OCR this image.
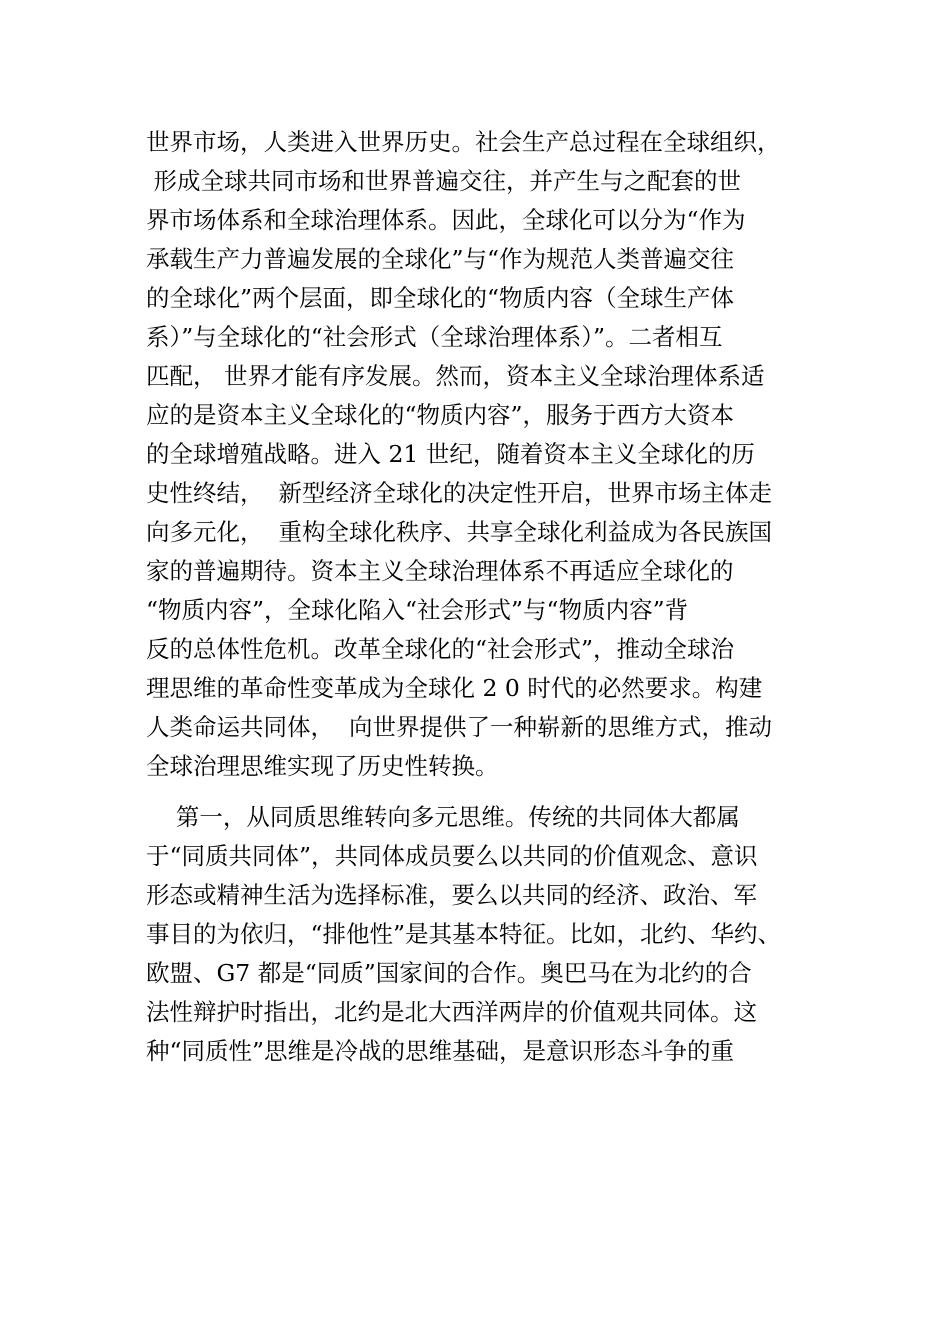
世界市场，人类进入世界历史。社会生产总过程在全球组织，
形成全球共同市场和世界普遍交往，并产生与之配套的世
界市场体系和全球治理体系。因此，全球化可以分为“作为
承载生产力普遍发展的全球化”与“作为规范人类普遍交往
的全球化”两个层面，即全球化的“物质内容（全球生产体
系）”与全球化的“社会形式（全球治理体系）”。二者相互
匹配， 世界才能有序发展。然而，资本主义全球治理体系适
应的是资本主义全球化的“物质内容”，服务于西方大资本
的全球增殖战略。进入 21 世纪，随着资本主义全球化的历
史性终结，  新型经济全球化的决定性开启，世界市场主体走
向多元化，  重构全球化秩序、共享全球化利益成为各民族国
家的普遍期待。资本主义全球治理体系不再适应全球化的
“物质内容”，全球化陷入“社会形式”与“物质内容”背
反的总体性危机。改革全球化的“社会形式”，推动全球治
理思维的革命性变革成为全球化 2 0 时代的必然要求。构建
人类命运共同体，  向世界提供了一种崭新的思维方式，推动
全球治理思维实现了历史性转换。
第一，从同质思维转向多元思维。传统的共同体大都属
于“同质共同体”，共同体成员要么以共同的价值观念、意识
形态或精神生活为选择标准，要么以共同的经济、政治、军
事目的为依归，“排他性”是其基本特征。比如，北约、华约、
欧盟、G7 都是“同质”国家间的合作。奥巴马在为北约的合
法性辩护时指出，北约是北大西洋两岸的价值观共同体。这
种“同质性”思维是冷战的思维基础，是意识形态斗争的重
